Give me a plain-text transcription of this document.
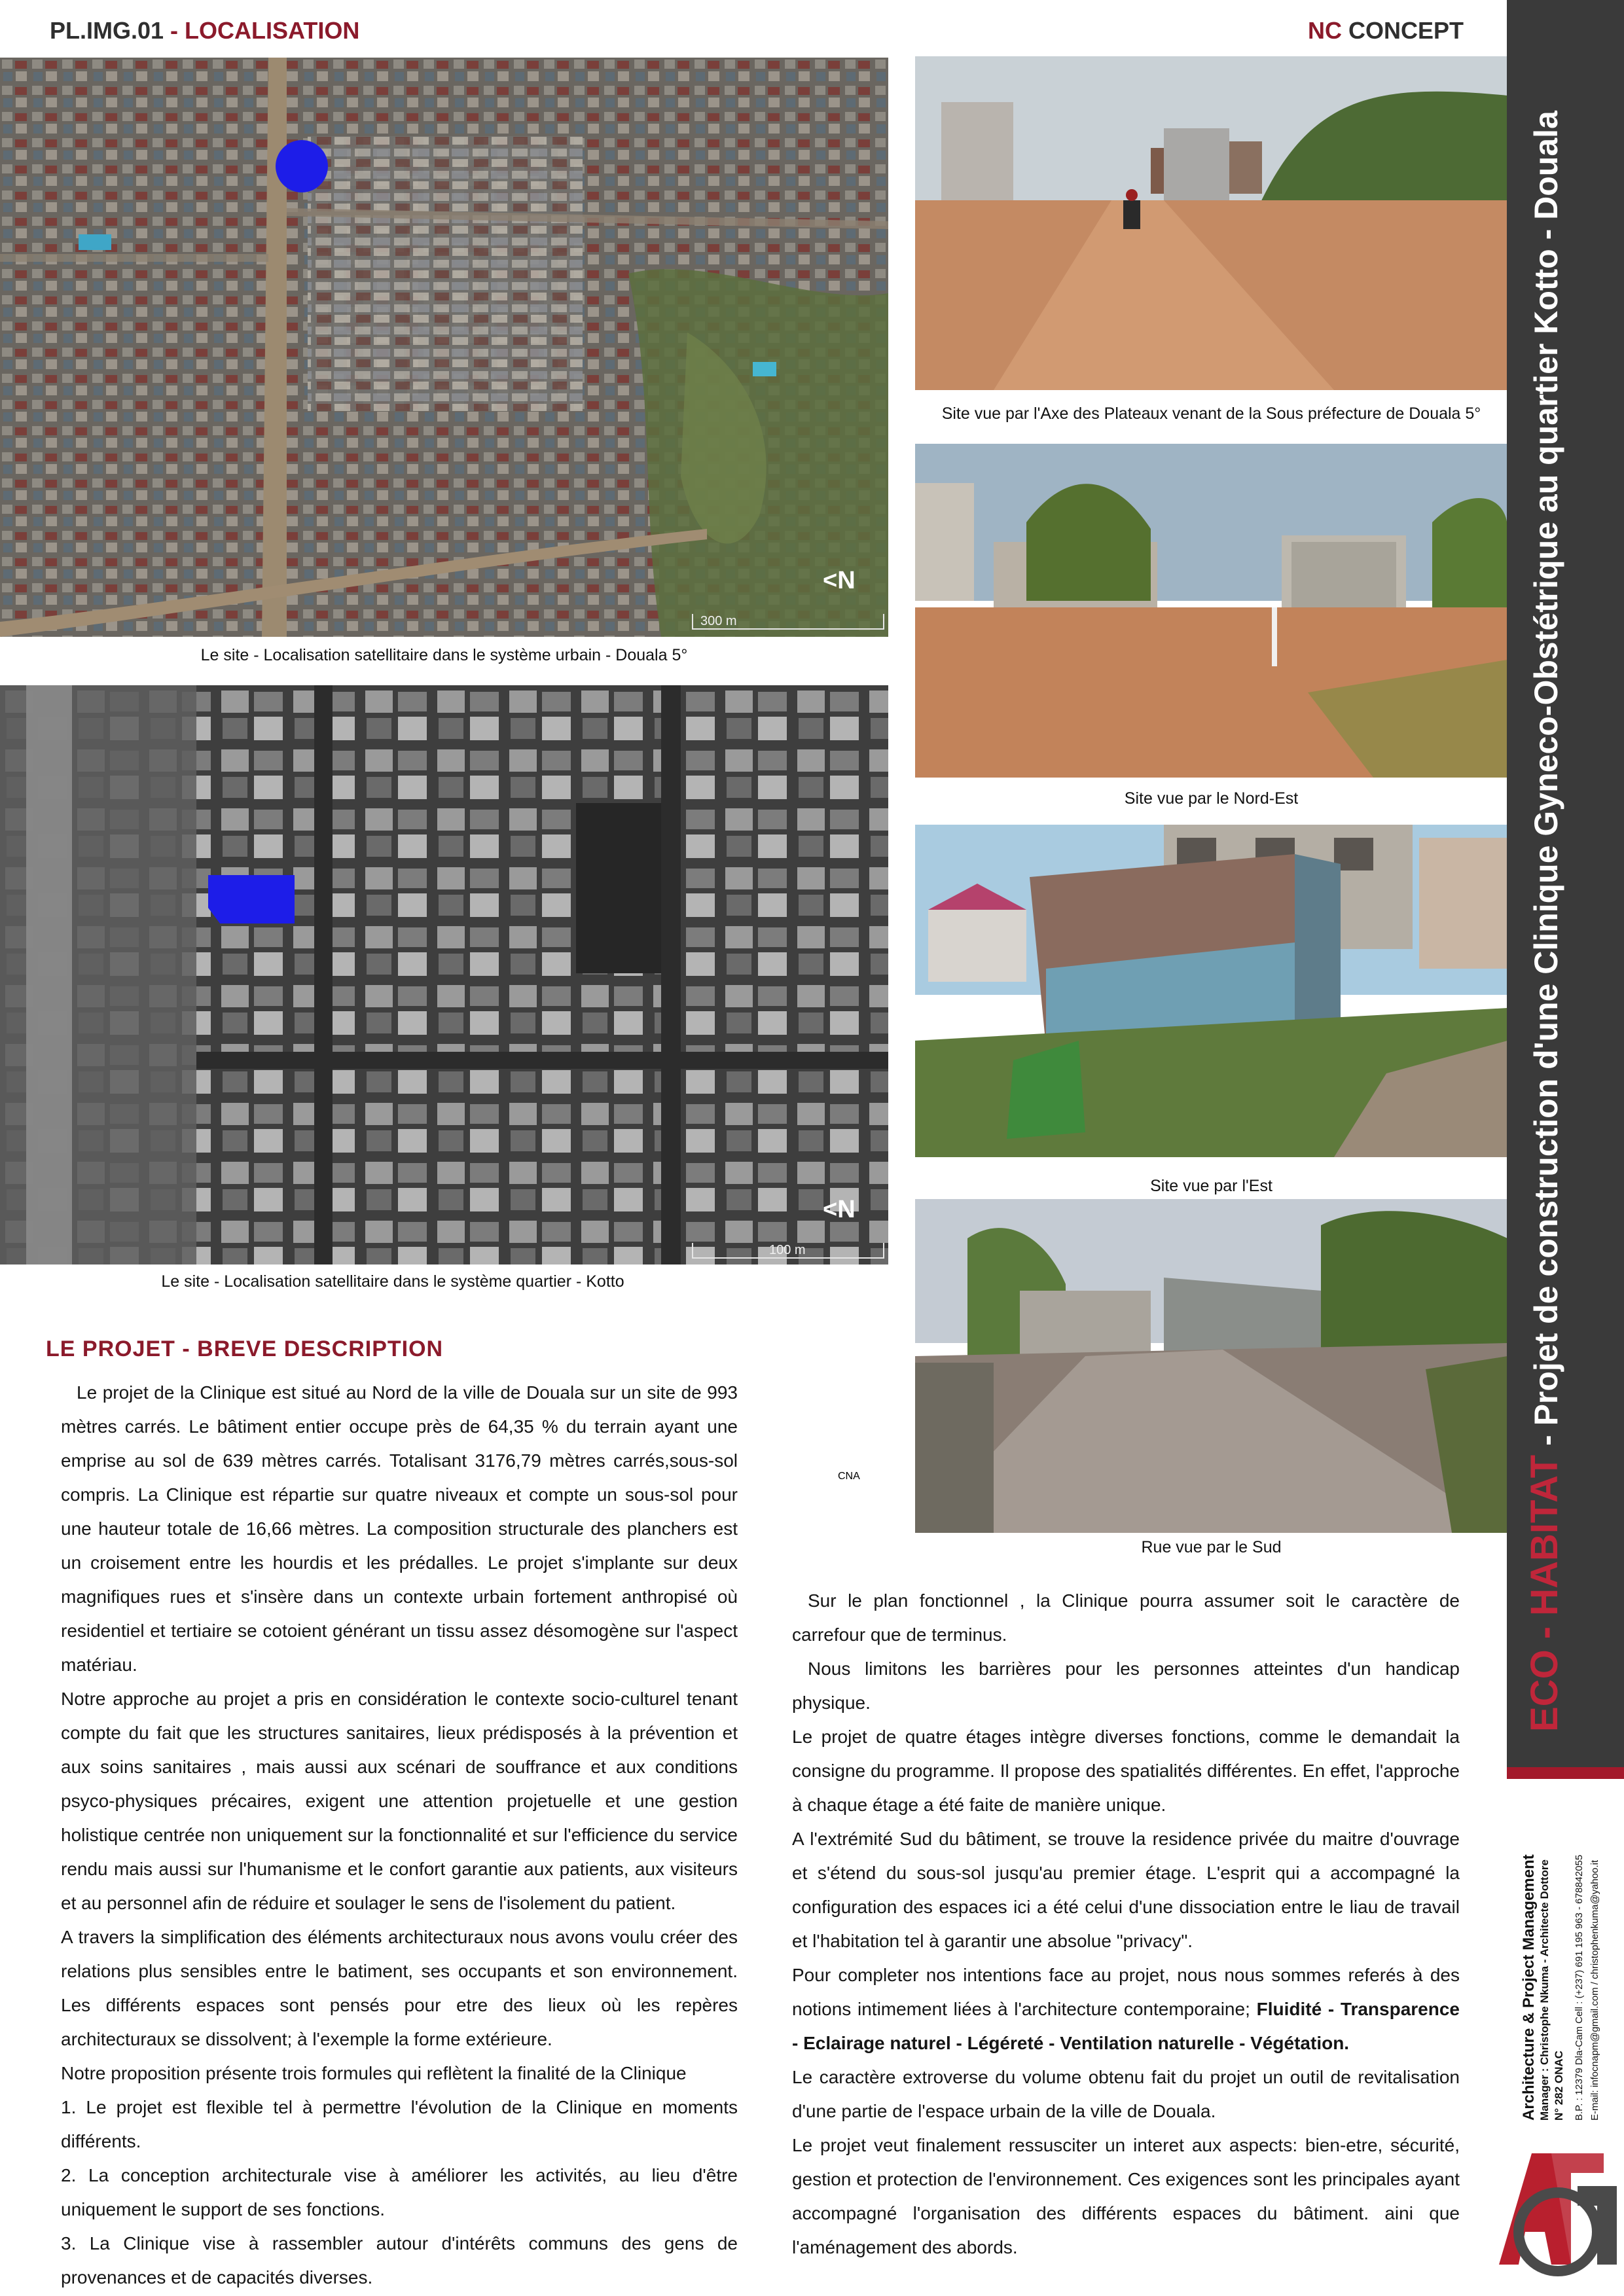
PL.IMG.01 - LOCALISATION	NC CONCEPT
<N
300 m
Le site - Localisation satellitaire dans le système urbain - Douala 5°
<N
100 m
Le site - Localisation satellitaire dans le système quartier - Kotto
Site vue par l'Axe des Plateaux venant de la Sous préfecture de Douala 5°
Site vue par le Nord-Est
Site vue par l'Est
Rue vue par le Sud
LE PROJET - BREVE DESCRIPTION

Le projet de la Clinique est situé au Nord de la ville de Douala sur un site de 993 mètres carrés. Le bâtiment entier occupe près de 64,35 % du terrain ayant une emprise au sol de 639 mètres carrés. Totalisant 3176,79 mètres carrés,sous-sol compris. La Clinique est répartie sur quatre niveaux et compte un sous-sol pour une hauteur totale de 16,66 mètres. La composition structurale des planchers est un croisement entre les hourdis et les prédalles. Le projet s'implante sur deux magnifiques rues et s'insère dans un contexte urbain fortement anthropisé où residentiel et tertiaire se cotoient générant un tissu assez désomogène sur l'aspect matériau.

Notre approche au projet a pris en considération le contexte socio-culturel tenant compte du fait que les structures sanitaires, lieux prédisposés à la prévention et aux soins sanitaires , mais aussi aux scénari de souffrance et aux conditions psyco-physiques précaires, exigent une attention projetuelle et une gestion holistique centrée non uniquement sur la fonctionnalité et sur l'efficience du service rendu mais aussi sur l'humanisme et le confort garantie aux patients, aux visiteurs et au personnel afin de réduire et soulager le sens de l'isolement du patient.

A travers la simplification des éléments architecturaux nous avons voulu créer des relations plus sensibles entre le batiment, ses occupants et son environnement. Les différents espaces sont pensés pour etre des lieux où les repères architecturaux se dissolvent; à l'exemple la forme extérieure.

Notre proposition présente trois formules qui reflètent la finalité de la Clinique

1. Le projet est flexible tel à permettre l'évolution de la Clinique en moments différents.

2. La conception architecturale vise à améliorer les activités, au lieu d'être uniquement le support de ses fonctions.

3. La Clinique vise à rassembler autour d'intérêts communs des gens de provenances et de capacités diverses.

Sur le plan fonctionnel , la Clinique pourra assumer soit le caractère de carrefour que de terminus.

Nous limitons les barrières pour les personnes atteintes d'un handicap physique.

Le projet de quatre étages intègre diverses fonctions, comme le demandait la consigne du programme. Il propose des spatialités différentes. En effet, l'approche à chaque étage a été faite de manière unique.

A l'extrémité Sud du bâtiment, se trouve la residence privée du maitre d'ouvrage et s'étend du sous-sol jusqu'au premier étage. L'esprit qui a accompagné la configuration des espaces ici a été celui d'une dissociation entre le liau de travail et l'habitation tel à garantir une absolue "privacy".

Pour completer nos intentions face au projet, nous nous sommes referés à des notions intimement liées à l'architecture contemporaine; Fluidité - Transparence - Eclairage naturel - Légéreté - Ventilation naturelle - Végétation.

Le caractère extroverse du volume obtenu fait du projet un outil de revitalisation d'une partie de l'espace urbain de la ville de Douala.

Le projet veut finalement ressusciter un interet aux aspects: bien-etre, sécurité, gestion et protection de l'environnement. Ces exigences sont les principales ayant accompagné l'organisation des différents espaces du bâtiment. aini que l'aménagement des abords.

ECO - HABITAT - Projet de construction d'une Clinique Gyneco-Obstétrique au quartier Kotto - Douala
Architecture & Project Management Manager : Christophe Nkuma - Architecte Dottore N° 282 ONAC B.P. : 12379 Dla-Cam Cell : (+237) 691 195 963 - 678842055 E-mail: infocnapm@gmail.com / christophenkuma@yahoo.it
CNA
